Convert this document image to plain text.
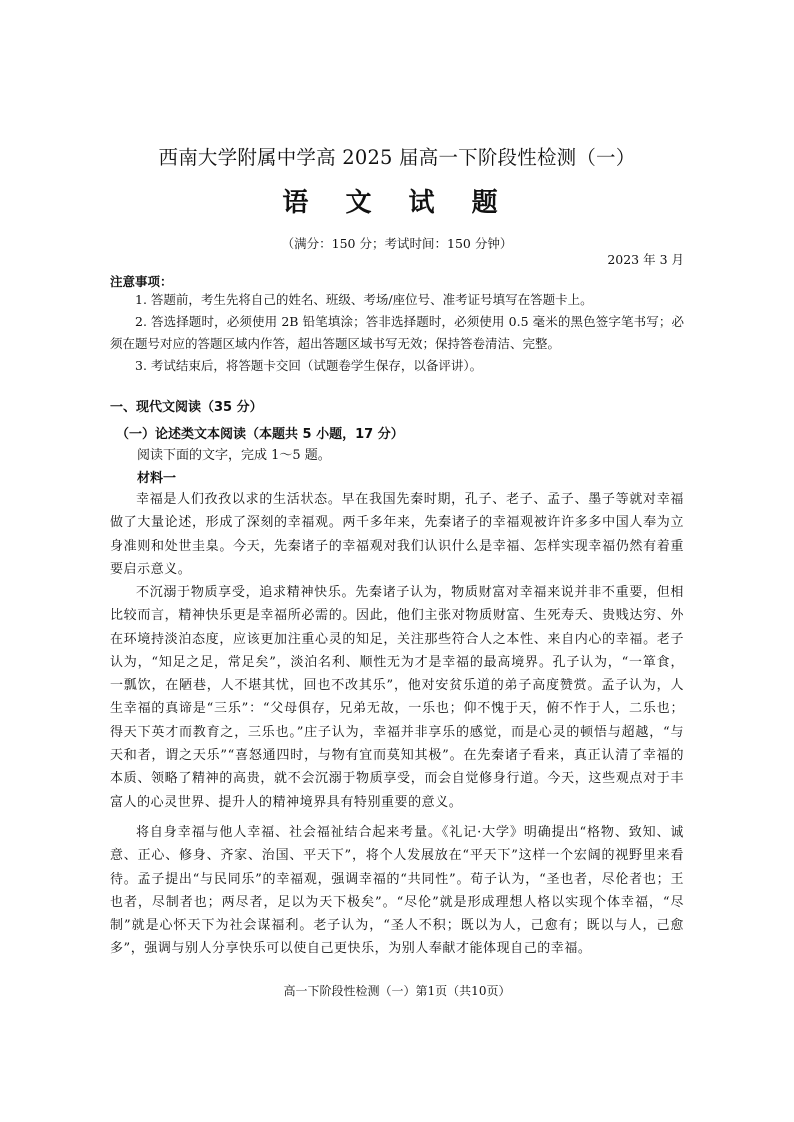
西南大学附属中学高 2025 届高一下阶段性检测（一）
语 文 试 题
（满分：150 分；考试时间：150 分钟）
2023 年 3 月
注意事项：
1. 答题前，考生先将自己的姓名、班级、考场/座位号、准考证号填写在答题卡上。
2. 答选择题时，必须使用 2B 铅笔填涂；答非选择题时，必须使用 0.5 毫米的黑色签字笔书写；必须在题号对应的答题区域内作答，超出答题区域书写无效；保持答卷清洁、完整。
3. 考试结束后，将答题卡交回（试题卷学生保存，以备评讲）。
一、现代文阅读（35 分）
（一）论述类文本阅读（本题共 5 小题，17 分）
阅读下面的文字，完成 1～5 题。
材料一
幸福是人们孜孜以求的生活状态。早在我国先秦时期，孔子、老子、孟子、墨子等就对幸福做了大量论述，形成了深刻的幸福观。两千多年来，先秦诸子的幸福观被许许多多中国人奉为立身准则和处世圭臬。今天，先秦诸子的幸福观对我们认识什么是幸福、怎样实现幸福仍然有着重要启示意义。
不沉溺于物质享受，追求精神快乐。先秦诸子认为，物质财富对幸福来说并非不重要，但相比较而言，精神快乐更是幸福所必需的。因此，他们主张对物质财富、生死寿夭、贵贱达穷、外在环境持淡泊态度，应该更加注重心灵的知足，关注那些符合人之本性、来自内心的幸福。老子认为，“知足之足，常足矣”，淡泊名利、顺性无为才是幸福的最高境界。孔子认为，“一箪食，一瓢饮，在陋巷，人不堪其忧，回也不改其乐”，他对安贫乐道的弟子高度赞赏。孟子认为，人生幸福的真谛是“三乐”：“父母俱存，兄弟无故，一乐也；仰不愧于天，俯不怍于人，二乐也；得天下英才而教育之，三乐也。”庄子认为，幸福并非享乐的感觉，而是心灵的顿悟与超越，“与天和者，谓之天乐”“喜怒通四时，与物有宜而莫知其极”。在先秦诸子看来，真正认清了幸福的本质、领略了精神的高贵，就不会沉溺于物质享受，而会自觉修身行道。今天，这些观点对于丰富人的心灵世界、提升人的精神境界具有特别重要的意义。
将自身幸福与他人幸福、社会福祉结合起来考量。《礼记·大学》明确提出“格物、致知、诚意、正心、修身、齐家、治国、平天下”，将个人发展放在“平天下”这样一个宏阔的视野里来看待。孟子提出“与民同乐”的幸福观，强调幸福的“共同性”。荀子认为，“圣也者，尽伦者也；王也者，尽制者也；两尽者，足以为天下极矣”。“尽伦”就是形成理想人格以实现个体幸福，“尽制”就是心怀天下为社会谋福利。老子认为，“圣人不积；既以为人，己愈有；既以与人，己愈多”，强调与别人分享快乐可以使自己更快乐，为别人奉献才能体现自己的幸福。
高一下阶段性检测（一）第1页（共10页）
